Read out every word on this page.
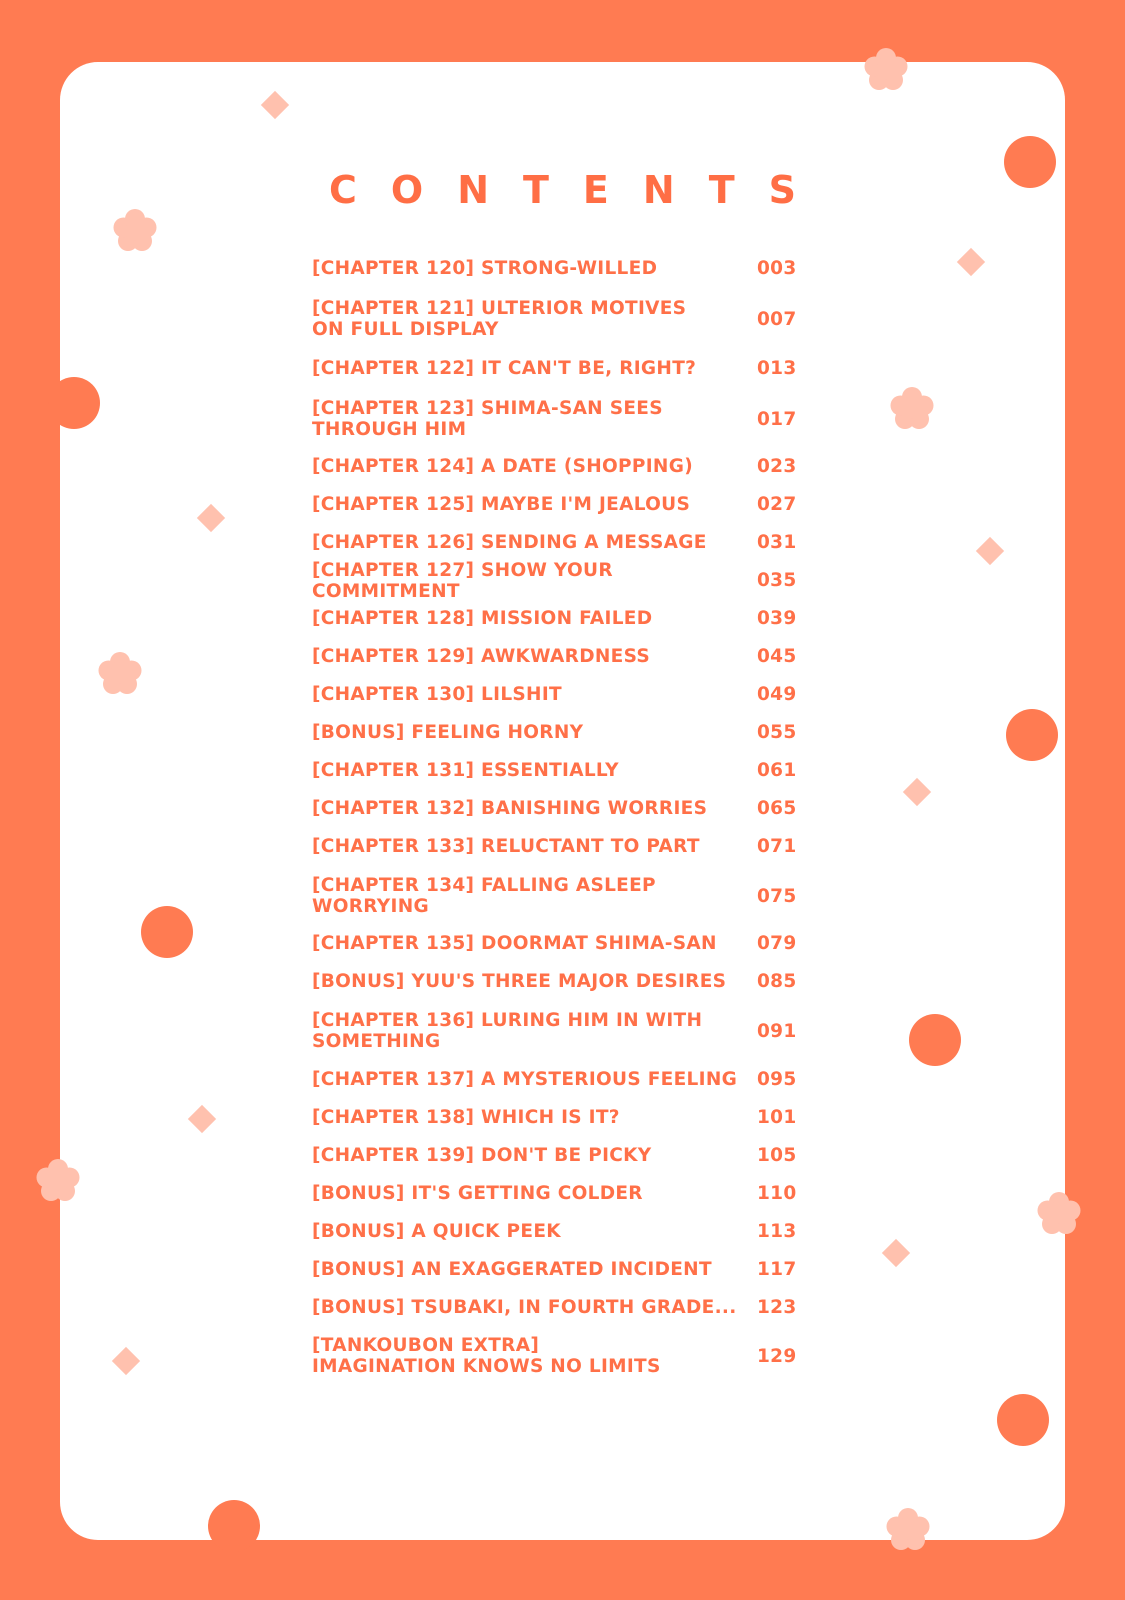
CONTENTS
[CHAPTER 120] STRONG-WILLED	003
[CHAPTER 121] ULTERIOR MOTIVES
ON FULL DISPLAY	007
[CHAPTER 122] IT CAN'T BE, RIGHT?	013
[CHAPTER 123] SHIMA-SAN SEES
THROUGH HIM	017
[CHAPTER 124] A DATE (SHOPPING)	023
[CHAPTER 125] MAYBE I'M JEALOUS	027
[CHAPTER 126] SENDING A MESSAGE	031
[CHAPTER 127] SHOW YOUR COMMITMENT	035
[CHAPTER 128] MISSION FAILED	039
[CHAPTER 129] AWKWARDNESS	045
[CHAPTER 130] LILSHIT	049
[BONUS] FEELING HORNY	055
[CHAPTER 131] ESSENTIALLY	061
[CHAPTER 132] BANISHING WORRIES	065
[CHAPTER 133] RELUCTANT TO PART	071
[CHAPTER 134] FALLING ASLEEP
WORRYING	075
[CHAPTER 135] DOORMAT SHIMA-SAN	079
[BONUS] YUU'S THREE MAJOR DESIRES	085
[CHAPTER 136] LURING HIM IN WITH
SOMETHING	091
[CHAPTER 137] A MYSTERIOUS FEELING	095
[CHAPTER 138] WHICH IS IT?	101
[CHAPTER 139] DON'T BE PICKY	105
[BONUS] IT'S GETTING COLDER	110
[BONUS] A QUICK PEEK	113
[BONUS] AN EXAGGERATED INCIDENT	117
[BONUS] TSUBAKI, IN FOURTH GRADE...	123
[TANKOUBON EXTRA]
IMAGINATION KNOWS NO LIMITS	129
